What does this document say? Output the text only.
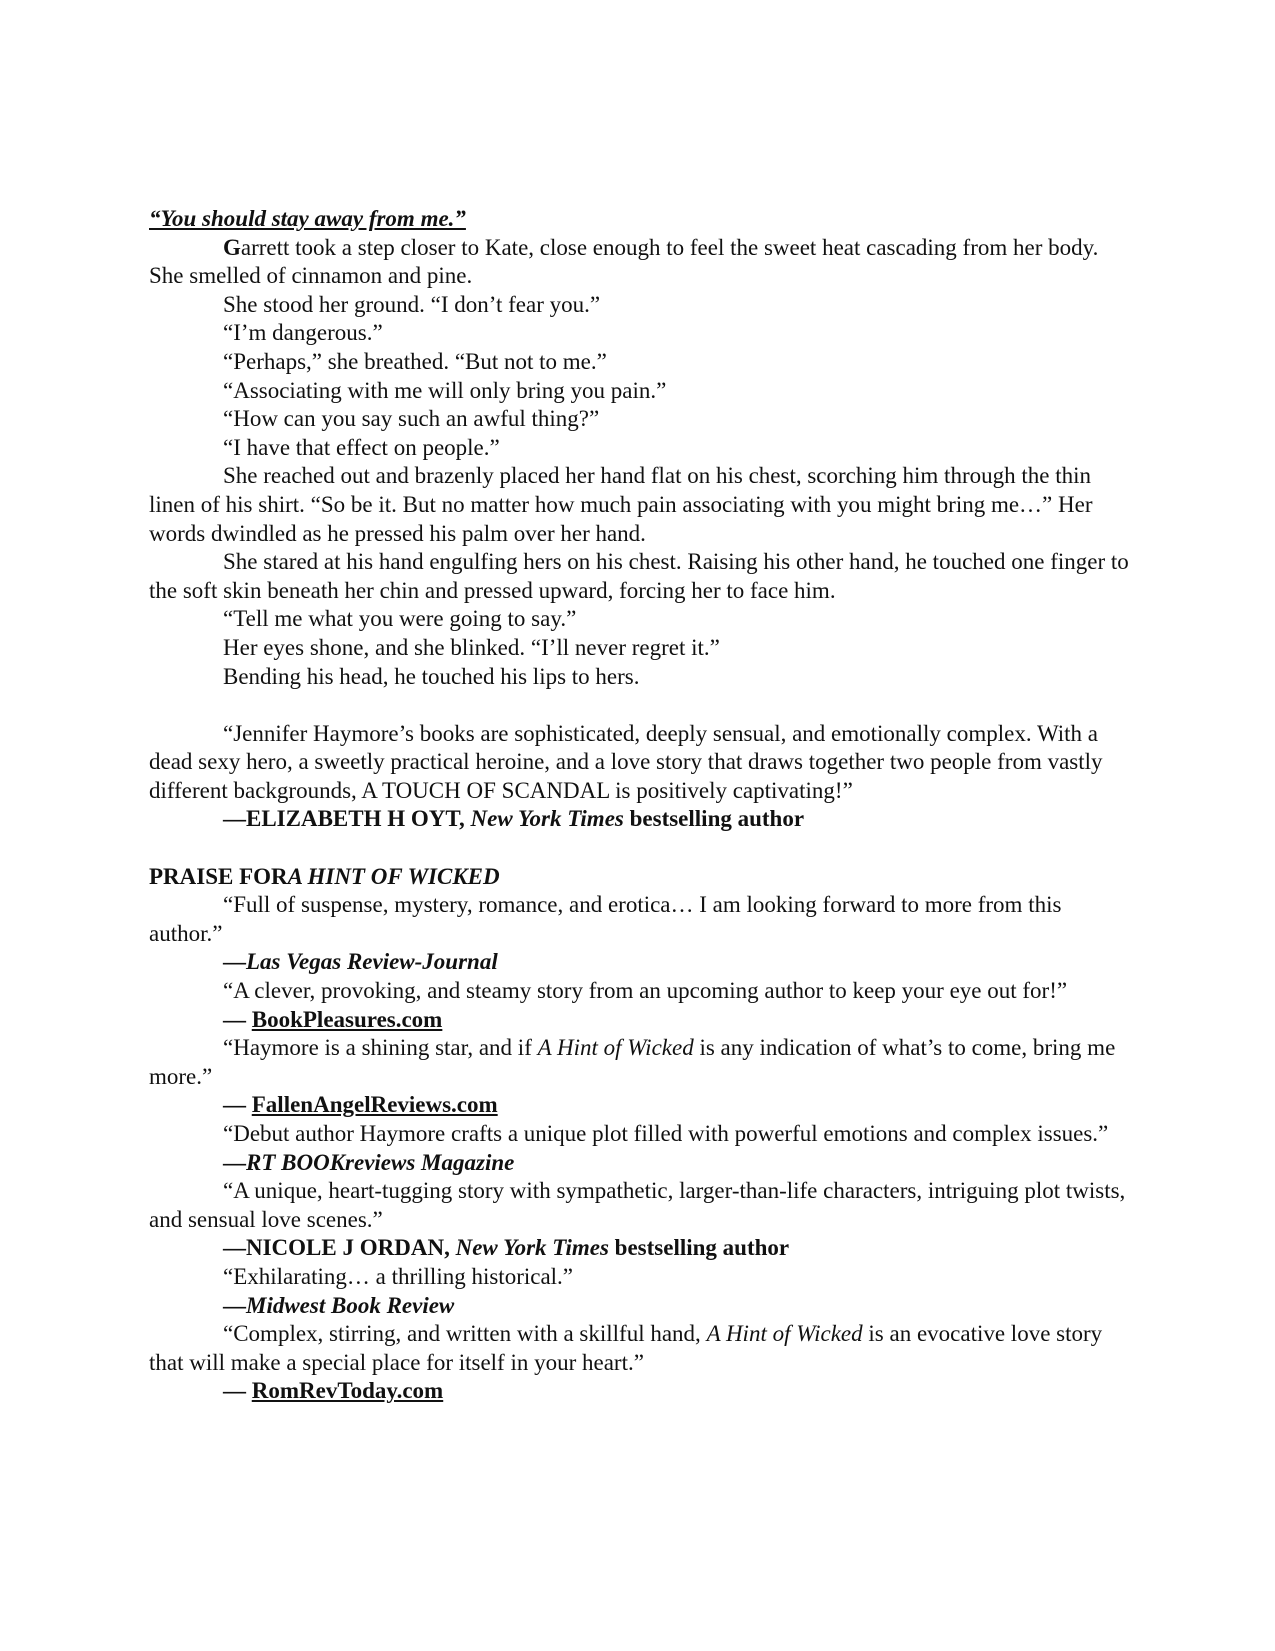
“You should stay away from me.”

Garrett took a step closer to Kate, close enough to feel the sweet heat cascading from her body. She smelled of cinnamon and pine.

She stood her ground. “I don’t fear you.”

“I’m dangerous.”

“Perhaps,” she breathed. “But not to me.”

“Associating with me will only bring you pain.”

“How can you say such an awful thing?”

“I have that effect on people.”

She reached out and brazenly placed her hand flat on his chest, scorching him through the thin linen of his shirt. “So be it. But no matter how much pain associating with you might bring me…” Her words dwindled as he pressed his palm over her hand.

She stared at his hand engulfing hers on his chest. Raising his other hand, he touched one finger to the soft skin beneath her chin and pressed upward, forcing her to face him.

“Tell me what you were going to say.”

Her eyes shone, and she blinked. “I’ll never regret it.”

Bending his head, he touched his lips to hers.

“Jennifer Haymore’s books are sophisticated, deeply sensual, and emotionally complex. With a dead sexy hero, a sweetly practical heroine, and a love story that draws together two people from vastly different backgrounds, A TOUCH OF SCANDAL is positively captivating!”

—ELIZABETH H OYT, New York Times bestselling author

PRAISE FORA HINT OF WICKED

“Full of suspense, mystery, romance, and erotica… I am looking forward to more from this author.”

—Las Vegas Review-Journal

“A clever, provoking, and steamy story from an upcoming author to keep your eye out for!”

— BookPleasures.com

“Haymore is a shining star, and if A Hint of Wicked is any indication of what’s to come, bring me more.”

— FallenAngelReviews.com

“Debut author Haymore crafts a unique plot filled with powerful emotions and complex issues.”

—RT BOOKreviews Magazine

“A unique, heart-tugging story with sympathetic, larger-than-life characters, intriguing plot twists, and sensual love scenes.”

—NICOLE J ORDAN, New York Times bestselling author

“Exhilarating… a thrilling historical.”

—Midwest Book Review

“Complex, stirring, and written with a skillful hand, A Hint of Wicked is an evocative love story that will make a special place for itself in your heart.”

— RomRevToday.com
